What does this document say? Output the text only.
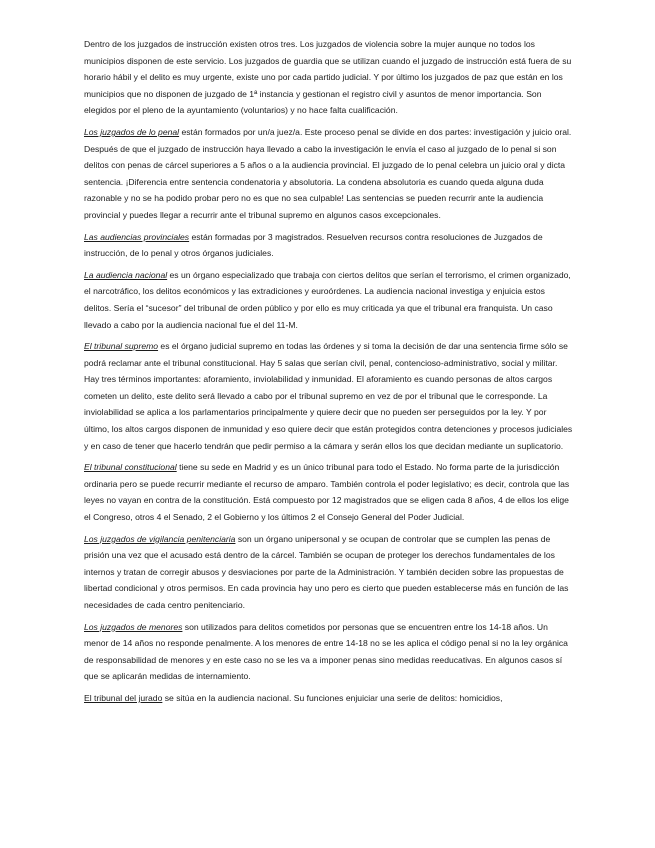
Dentro de los juzgados de instrucción existen otros tres. Los juzgados de violencia sobre la mujer aunque no todos los municipios disponen de este servicio. Los juzgados de guardia que se utilizan cuando el juzgado de instrucción está fuera de su horario hábil y el delito es muy urgente, existe uno por cada partido judicial. Y por último los juzgados de paz que están en los municipios que no disponen de juzgado de 1ª instancia y gestionan el registro civil y asuntos de menor importancia. Son elegidos por el pleno de la ayuntamiento (voluntarios) y no hace falta cualificación.

Los juzgados de lo penal están formados por un/a juez/a. Este proceso penal se divide en dos partes: investigación y juicio oral. Después de que el juzgado de instrucción haya llevado a cabo la investigación le envía el caso al juzgado de lo penal si son delitos con penas de cárcel superiores a 5 años o a la audiencia provincial. El juzgado de lo penal celebra un juicio oral y dicta sentencia. ¡Diferencia entre sentencia condenatoria y absolutoria. La condena absolutoria es cuando queda alguna duda razonable y no se ha podido probar pero no es que no sea culpable! Las sentencias se pueden recurrir ante la audiencia provincial y puedes llegar a recurrir ante el tribunal supremo en algunos casos excepcionales.

Las audiencias provinciales están formadas por 3 magistrados. Resuelven recursos contra resoluciones de Juzgados de instrucción, de lo penal y otros órganos judiciales.

La audiencia nacional es un órgano especializado que trabaja con ciertos delitos que serían el terrorismo, el crimen organizado, el narcotráfico, los delitos económicos y las extradiciones y euroórdenes. La audiencia nacional investiga y enjuicia estos delitos. Sería el “sucesor” del tribunal de orden público y por ello es muy criticada ya que el tribunal era franquista. Un caso llevado a cabo por la audiencia nacional fue el del 11-M.

El tribunal supremo es el órgano judicial supremo en todas las órdenes y si toma la decisión de dar una sentencia firme sólo se podrá reclamar ante el tribunal constitucional. Hay 5 salas que serían civil, penal, contencioso-administrativo, social y militar. Hay tres términos importantes: aforamiento, inviolabilidad y inmunidad. El aforamiento es cuando personas de altos cargos cometen un delito, este delito será llevado a cabo por el tribunal supremo en vez de por el tribunal que le corresponde. La inviolabilidad se aplica a los parlamentarios principalmente y quiere decir que no pueden ser perseguidos por la ley. Y por último, los altos cargos disponen de inmunidad y eso quiere decir que están protegidos contra detenciones y procesos judiciales y en caso de tener que hacerlo tendrán que pedir permiso a la cámara y serán ellos los que decidan mediante un suplicatorio.

El tribunal constitucional tiene su sede en Madrid y es un único tribunal para todo el Estado. No forma parte de la jurisdicción ordinaria pero se puede recurrir mediante el recurso de amparo. También controla el poder legislativo; es decir, controla que las leyes no vayan en contra de la constitución. Está compuesto por 12 magistrados que se eligen cada 8 años, 4 de ellos los elige el Congreso, otros 4 el Senado, 2 el Gobierno y los últimos 2 el Consejo General del Poder Judicial.

Los juzgados de vigilancia penitenciaria son un órgano unipersonal y se ocupan de controlar que se cumplen las penas de prisión una vez que el acusado está dentro de la cárcel. También se ocupan de proteger los derechos fundamentales de los internos y tratan de corregir abusos y desviaciones por parte de la Administración. Y también deciden sobre las propuestas de libertad condicional y otros permisos. En cada provincia hay uno pero es cierto que pueden establecerse más en función de las necesidades de cada centro penitenciario.

Los juzgados de menores son utilizados para delitos cometidos por personas que se encuentren entre los 14-18 años. Un menor de 14 años no responde penalmente. A los menores de entre 14-18 no se les aplica el código penal si no la ley orgánica de responsabilidad de menores y en este caso no se les va a imponer penas sino medidas reeducativas. En algunos casos sí que se aplicarán medidas de internamiento.

El tribunal del jurado se sitúa en la audiencia nacional. Su funciones enjuiciar una serie de delitos: homicidios,
